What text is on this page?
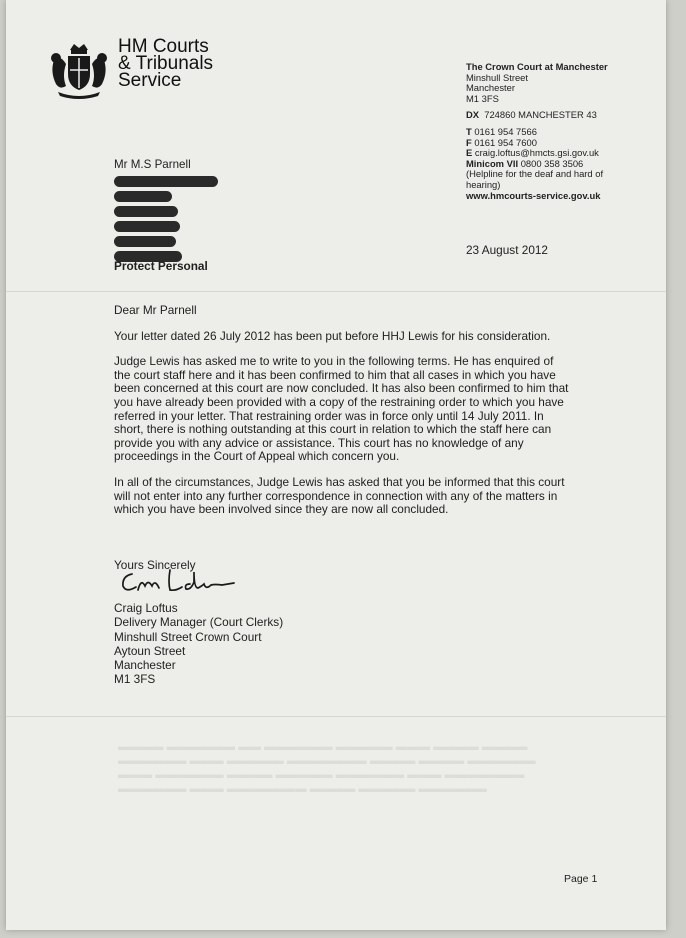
HM Courts
& Tribunals
Service
The Crown Court at Manchester
Minshull Street
Manchester
M1 3FS
DX 724860 MANCHESTER 43
T 0161 954 7566
F 0161 954 7600
E craig.loftus@hmcts.gsi.gov.uk
Minicom VII 0800 358 3506
(Helpline for the deaf and hard of
hearing)
www.hmcourts-service.gov.uk
Mr M.S Parnell
23 August 2012
Protect Personal

Dear Mr Parnell

Your letter dated 26 July 2012 has been put before HHJ Lewis for his consideration.

Judge Lewis has asked me to write to you in the following terms. He has enquired of
the court staff here and it has been confirmed to him that all cases in which you have
been concerned at this court are now concluded. It has also been confirmed to him that
you have already been provided with a copy of the restraining order to which you have
referred in your letter. That restraining order was in force only until 14 July 2011. In
short, there is nothing outstanding at this court in relation to which the staff here can
provide you with any advice or assistance. This court has no knowledge of any
proceedings in the Court of Appeal which concern you.

In all of the circumstances, Judge Lewis has asked that you be informed that this court
will not enter into any further correspondence in connection with any of the matters in
which you have been involved since they are now all concluded.

Yours Sincerely
Craig Loftus
Delivery Manager (Court Clerks)
Minshull Street Crown Court
Aytoun Street
Manchester
M1 3FS
▬▬▬▬ ▬▬▬▬▬▬ ▬▬ ▬▬▬▬▬▬ ▬▬▬▬▬ ▬▬▬ ▬▬▬▬ ▬▬▬▬
▬▬▬▬▬▬ ▬▬▬ ▬▬▬▬▬ ▬▬▬▬▬▬▬ ▬▬▬▬ ▬▬▬▬ ▬▬▬▬▬▬
▬▬▬ ▬▬▬▬▬▬ ▬▬▬▬ ▬▬▬▬▬ ▬▬▬▬▬▬ ▬▬▬ ▬▬▬▬▬▬▬
▬▬▬▬▬▬ ▬▬▬ ▬▬▬▬▬▬▬ ▬▬▬▬ ▬▬▬▬▬ ▬▬▬▬▬▬
Page 1
